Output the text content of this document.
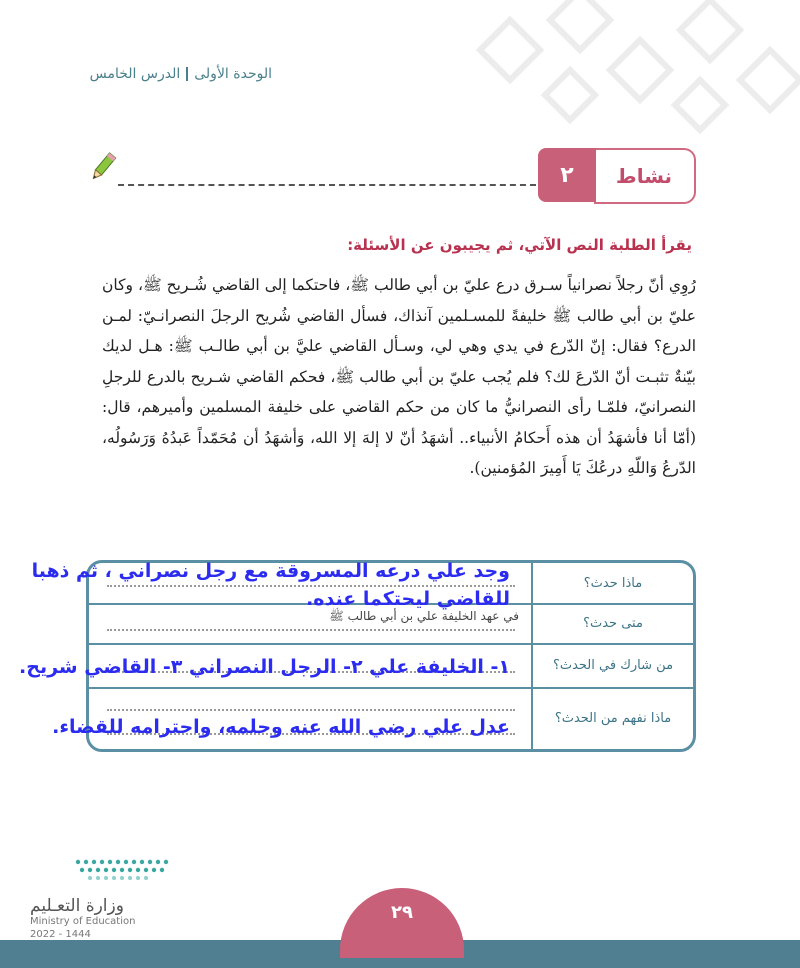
الوحدة الأولىالدرس الخامس
نشاط
٢
يقرأ الطلبة النص الآتي، ثم يجيبون عن الأسئلة:
رُوِي أنّ رجلاً نصرانياً سـرق درع عليّ بن أبي طالب ﷺ، فاحتكما إلى القاضي شُـريح ﷺ، وكان عليّ بن أبي طالب ﷺ خليفةً للمسـلمين آنذاك، فسأل القاضي شُريح الرجلَ النصرانـيّ: لمـن الدرع؟ فقال: إنّ الدّرع في يدي وهي لي، وسـأل القاضي عليَّ بن أبي طالـب ﷺ: هـل لديك بيّنةٌ تثبـت أنّ الدّرعَ لك؟ فلم يُجب عليّ بن أبي طالب ﷺ، فحكم القاضي شـريح بالدرع للرجلِ النصرانيّ، فلمّـا رأى النصرانيُّ ما كان من حكم القاضي على خليفة المسلمين وأميرهم، قال: (أمّا أنا فأشهَدُ أن هذه أَحكامُ الأنبياء.. أشهَدُ أنّ لا إلهَ إلا الله، وَأشهَدُ أن مُحَمّداً عَبدُهُ وَرَسُولُه، الدّرعُ وَاللّهِ درعُكَ يَا أَمِيرَ المُؤمنين).
ماذا حدث؟
متى حدث؟
في عهد الخليفة علي بن أبي طالب ﷺ
من شارك في الحدث؟
ماذا نفهم من الحدث؟
وجد علي درعه المسروقة مع رجل نصراني ، ثم ذهبا
للقاضي ليحتكما عنده.
١- الخليفة علي ٢- الرجل النصراني ٣- القاضي شريح.
عدل علي رضي الله عنه وحلمه، واحترامه للقضاء.
وزارة التعـليم
Ministry of Education
2022 - 1444
٢٩
